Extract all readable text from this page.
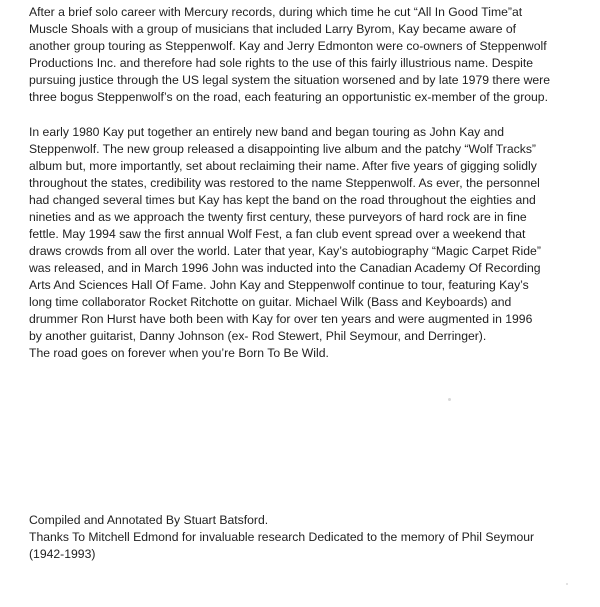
After a brief solo career with Mercury records, during which time he cut “All In Good Time”at
Muscle Shoals with a group of musicians that included Larry Byrom, Kay became aware of
another group touring as Steppenwolf. Kay and Jerry Edmonton were co-owners of Steppenwolf
Productions Inc. and therefore had sole rights to the use of this fairly illustrious name. Despite
pursuing justice through the US legal system the situation worsened and by late 1979 there were
three bogus Steppenwolf’s on the road, each featuring an opportunistic ex-member of the group.
In early 1980 Kay put together an entirely new band and began touring as John Kay and
Steppenwolf. The new group released a disappointing live album and the patchy “Wolf Tracks”
album but, more importantly, set about reclaiming their name. After five years of gigging solidly
throughout the states, credibility was restored to the name Steppenwolf. As ever, the personnel
had changed several times but Kay has kept the band on the road throughout the eighties and
nineties and as we approach the twenty first century, these purveyors of hard rock are in fine
fettle. May 1994 saw the first annual Wolf Fest, a fan club event spread over a weekend that
draws crowds from all over the world. Later that year, Kay’s autobiography “Magic Carpet Ride”
was released, and in March 1996 John was inducted into the Canadian Academy Of Recording
Arts And Sciences Hall Of Fame. John Kay and Steppenwolf continue to tour, featuring Kay’s
long time collaborator Rocket Ritchotte on guitar. Michael Wilk (Bass and Keyboards) and
drummer Ron Hurst have both been with Kay for over ten years and were augmented in 1996
by another guitarist, Danny Johnson (ex- Rod Stewert, Phil Seymour, and Derringer).
The road goes on forever when you’re Born To Be Wild.
Compiled and Annotated By Stuart Batsford.
Thanks To Mitchell Edmond for invaluable research Dedicated to the memory of Phil Seymour
(1942-1993)
